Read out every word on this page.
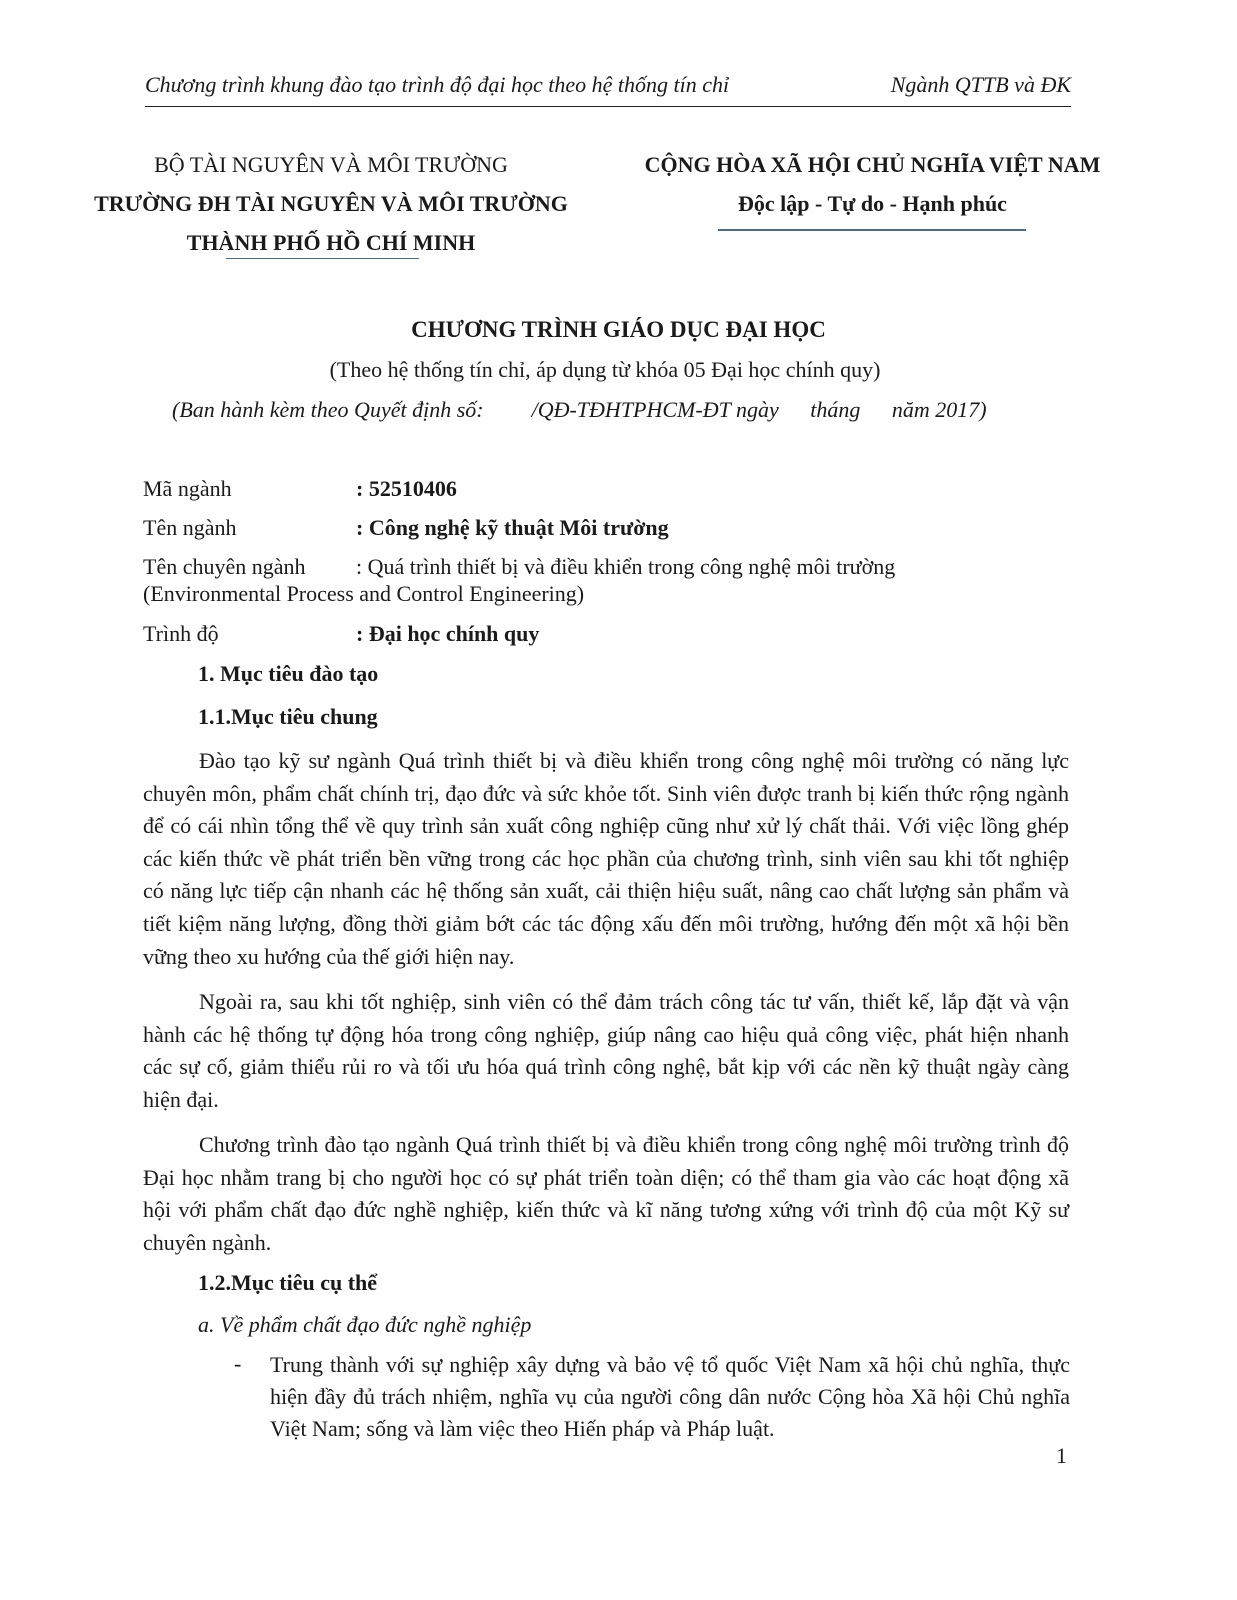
Chương trình khung đào tạo trình độ đại học theo hệ thống tín chỉ	Ngành QTTB và ĐK
BỘ TÀI NGUYÊN VÀ MÔI TRƯỜNG
TRƯỜNG ĐH TÀI NGUYÊN VÀ MÔI TRƯỜNG
THÀNH PHỐ HỒ CHÍ MINH
CỘNG HÒA XÃ HỘI CHỦ NGHĨA VIỆT NAM
Độc lập - Tự do - Hạnh phúc
CHƯƠNG TRÌNH GIÁO DỤC ĐẠI HỌC
(Theo hệ thống tín chỉ, áp dụng từ khóa 05 Đại học chính quy)
(Ban hành kèm theo Quyết định số: /QĐ-TĐHTPHCM-ĐT ngày tháng năm 2017)
Mã ngành	: 52510406
Tên ngành	: Công nghệ kỹ thuật Môi trường
Tên chuyên ngành : Quá trình thiết bị và điều khiển trong công nghệ môi trường
(Environmental Process and Control Engineering)
Trình độ	: Đại học chính quy
1. Mục tiêu đào tạo
1.1.Mục tiêu chung

Đào tạo kỹ sư ngành Quá trình thiết bị và điều khiển trong công nghệ môi trường có năng lực chuyên môn, phẩm chất chính trị, đạo đức và sức khỏe tốt. Sinh viên được tranh bị kiến thức rộng ngành để có cái nhìn tổng thể về quy trình sản xuất công nghiệp cũng như xử lý chất thải. Với việc lồng ghép các kiến thức về phát triển bền vững trong các học phần của chương trình, sinh viên sau khi tốt nghiệp có năng lực tiếp cận nhanh các hệ thống sản xuất, cải thiện hiệu suất, nâng cao chất lượng sản phẩm và tiết kiệm năng lượng, đồng thời giảm bớt các tác động xấu đến môi trường, hướng đến một xã hội bền vững theo xu hướng của thế giới hiện nay.

Ngoài ra, sau khi tốt nghiệp, sinh viên có thể đảm trách công tác tư vấn, thiết kế, lắp đặt và vận hành các hệ thống tự động hóa trong công nghiệp, giúp nâng cao hiệu quả công việc, phát hiện nhanh các sự cố, giảm thiểu rủi ro và tối ưu hóa quá trình công nghệ, bắt kịp với các nền kỹ thuật ngày càng hiện đại.

Chương trình đào tạo ngành Quá trình thiết bị và điều khiển trong công nghệ môi trường trình độ Đại học nhằm trang bị cho người học có sự phát triển toàn diện; có thể tham gia vào các hoạt động xã hội với phẩm chất đạo đức nghề nghiệp, kiến thức và kĩ năng tương xứng với trình độ của một Kỹ sư chuyên ngành.

1.2.Mục tiêu cụ thể
a. Về phẩm chất đạo đức nghề nghiệp
- Trung thành với sự nghiệp xây dựng và bảo vệ tổ quốc Việt Nam xã hội chủ nghĩa, thực hiện đầy đủ trách nhiệm, nghĩa vụ của người công dân nước Cộng hòa Xã hội Chủ nghĩa Việt Nam; sống và làm việc theo Hiến pháp và Pháp luật.

1
